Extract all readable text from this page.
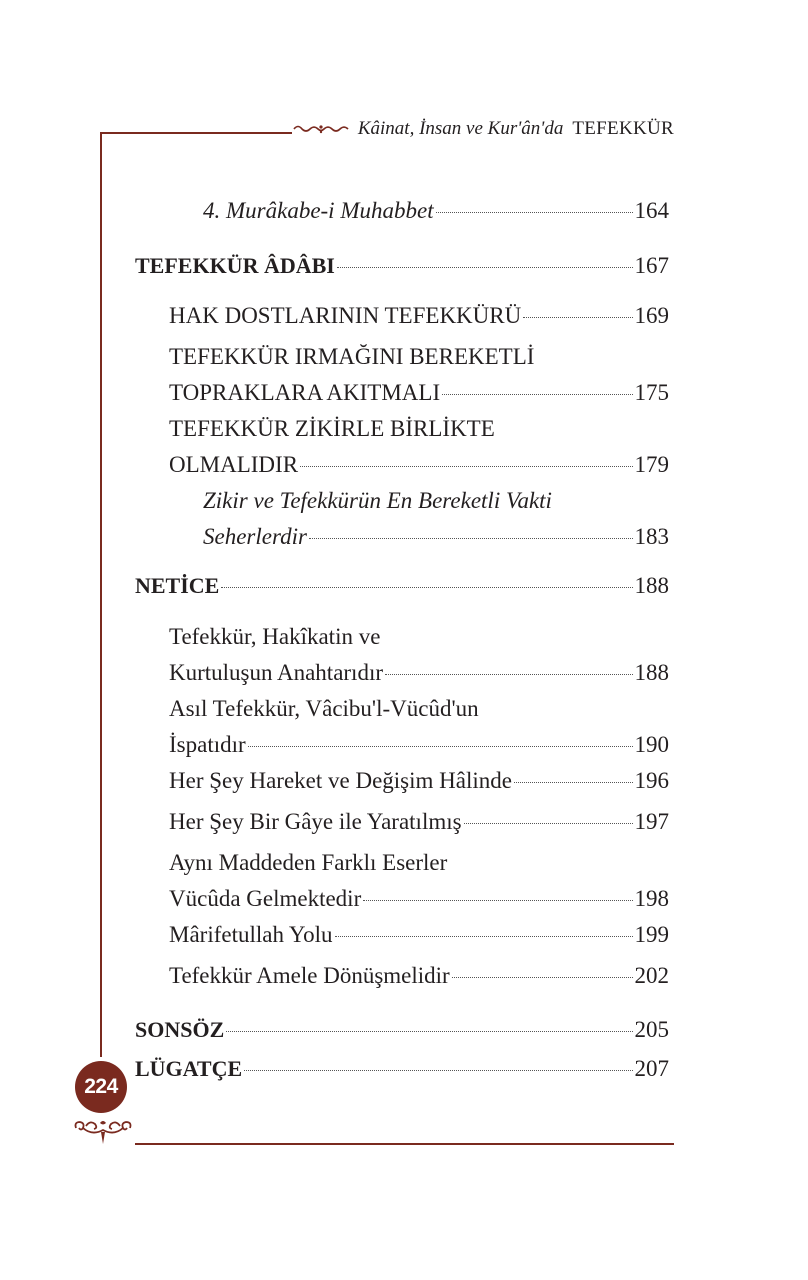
Kâinat, İnsan ve Kur'ân'da TEFEKKÜR
4. Murâkabe-i Muhabbet	164
TEFEKKÜR ÂDÂBI	167
HAK DOSTLARININ TEFEKKÜRÜ	169
TEFEKKÜR IRMAĞINI BEREKETLİ
TOPRAKLARA AKITMALI	175
TEFEKKÜR ZİKİRLE BİRLİKTE
OLMALIDIR	179
Zikir ve Tefekkürün En Bereketli Vakti
Seherlerdir	183
NETİCE	188
Tefekkür, Hakîkatin ve
Kurtuluşun Anahtarıdır	188
Asıl Tefekkür, Vâcibu'l-Vücûd'un
İspatıdır	190
Her Şey Hareket ve Değişim Hâlinde	196
Her Şey Bir Gâye ile Yaratılmış	197
Aynı Maddeden Farklı Eserler
Vücûda Gelmektedir	198
Mârifetullah Yolu	199
Tefekkür Amele Dönüşmelidir	202
SONSÖZ	205
LÜGATÇE	207
224
